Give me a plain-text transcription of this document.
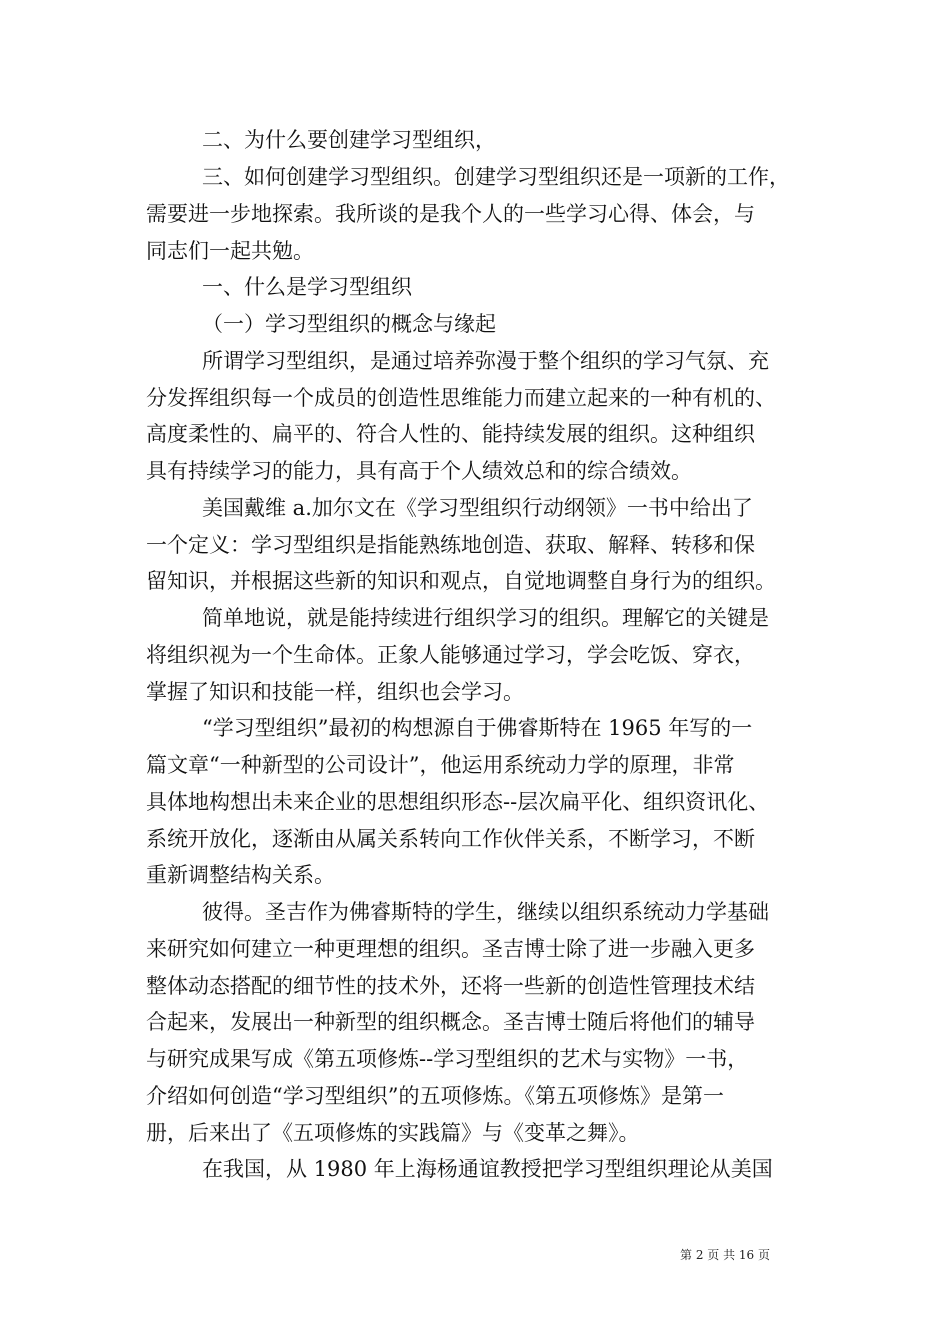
二、为什么要创建学习型组织，
三、如何创建学习型组织。创建学习型组织还是一项新的工作，
需要进一步地探索。我所谈的是我个人的一些学习心得、体会，与
同志们一起共勉。
一、什么是学习型组织
（一）学习型组织的概念与缘起
所谓学习型组织，是通过培养弥漫于整个组织的学习气氛、充
分发挥组织每一个成员的创造性思维能力而建立起来的一种有机的、
高度柔性的、扁平的、符合人性的、能持续发展的组织。这种组织
具有持续学习的能力，具有高于个人绩效总和的综合绩效。
美国戴维 a.加尔文在《学习型组织行动纲领》一书中给出了
一个定义：学习型组织是指能熟练地创造、获取、解释、转移和保
留知识，并根据这些新的知识和观点，自觉地调整自身行为的组织。
简单地说，就是能持续进行组织学习的组织。理解它的关键是
将组织视为一个生命体。正象人能够通过学习，学会吃饭、穿衣，
掌握了知识和技能一样，组织也会学习。
“学习型组织”最初的构想源自于佛睿斯特在 1965 年写的一
篇文章“一种新型的公司设计”，他运用系统动力学的原理，非常
具体地构想出未来企业的思想组织形态--层次扁平化、组织资讯化、
系统开放化，逐渐由从属关系转向工作伙伴关系，不断学习，不断
重新调整结构关系。
彼得。圣吉作为佛睿斯特的学生，继续以组织系统动力学基础
来研究如何建立一种更理想的组织。圣吉博士除了进一步融入更多
整体动态搭配的细节性的技术外，还将一些新的创造性管理技术结
合起来，发展出一种新型的组织概念。圣吉博士随后将他们的辅导
与研究成果写成《第五项修炼--学习型组织的艺术与实物》一书，
介绍如何创造“学习型组织”的五项修炼。《第五项修炼》是第一
册，后来出了《五项修炼的实践篇》与《变革之舞》。
在我国，从 1980 年上海杨通谊教授把学习型组织理论从美国
第 2 页 共 16 页
